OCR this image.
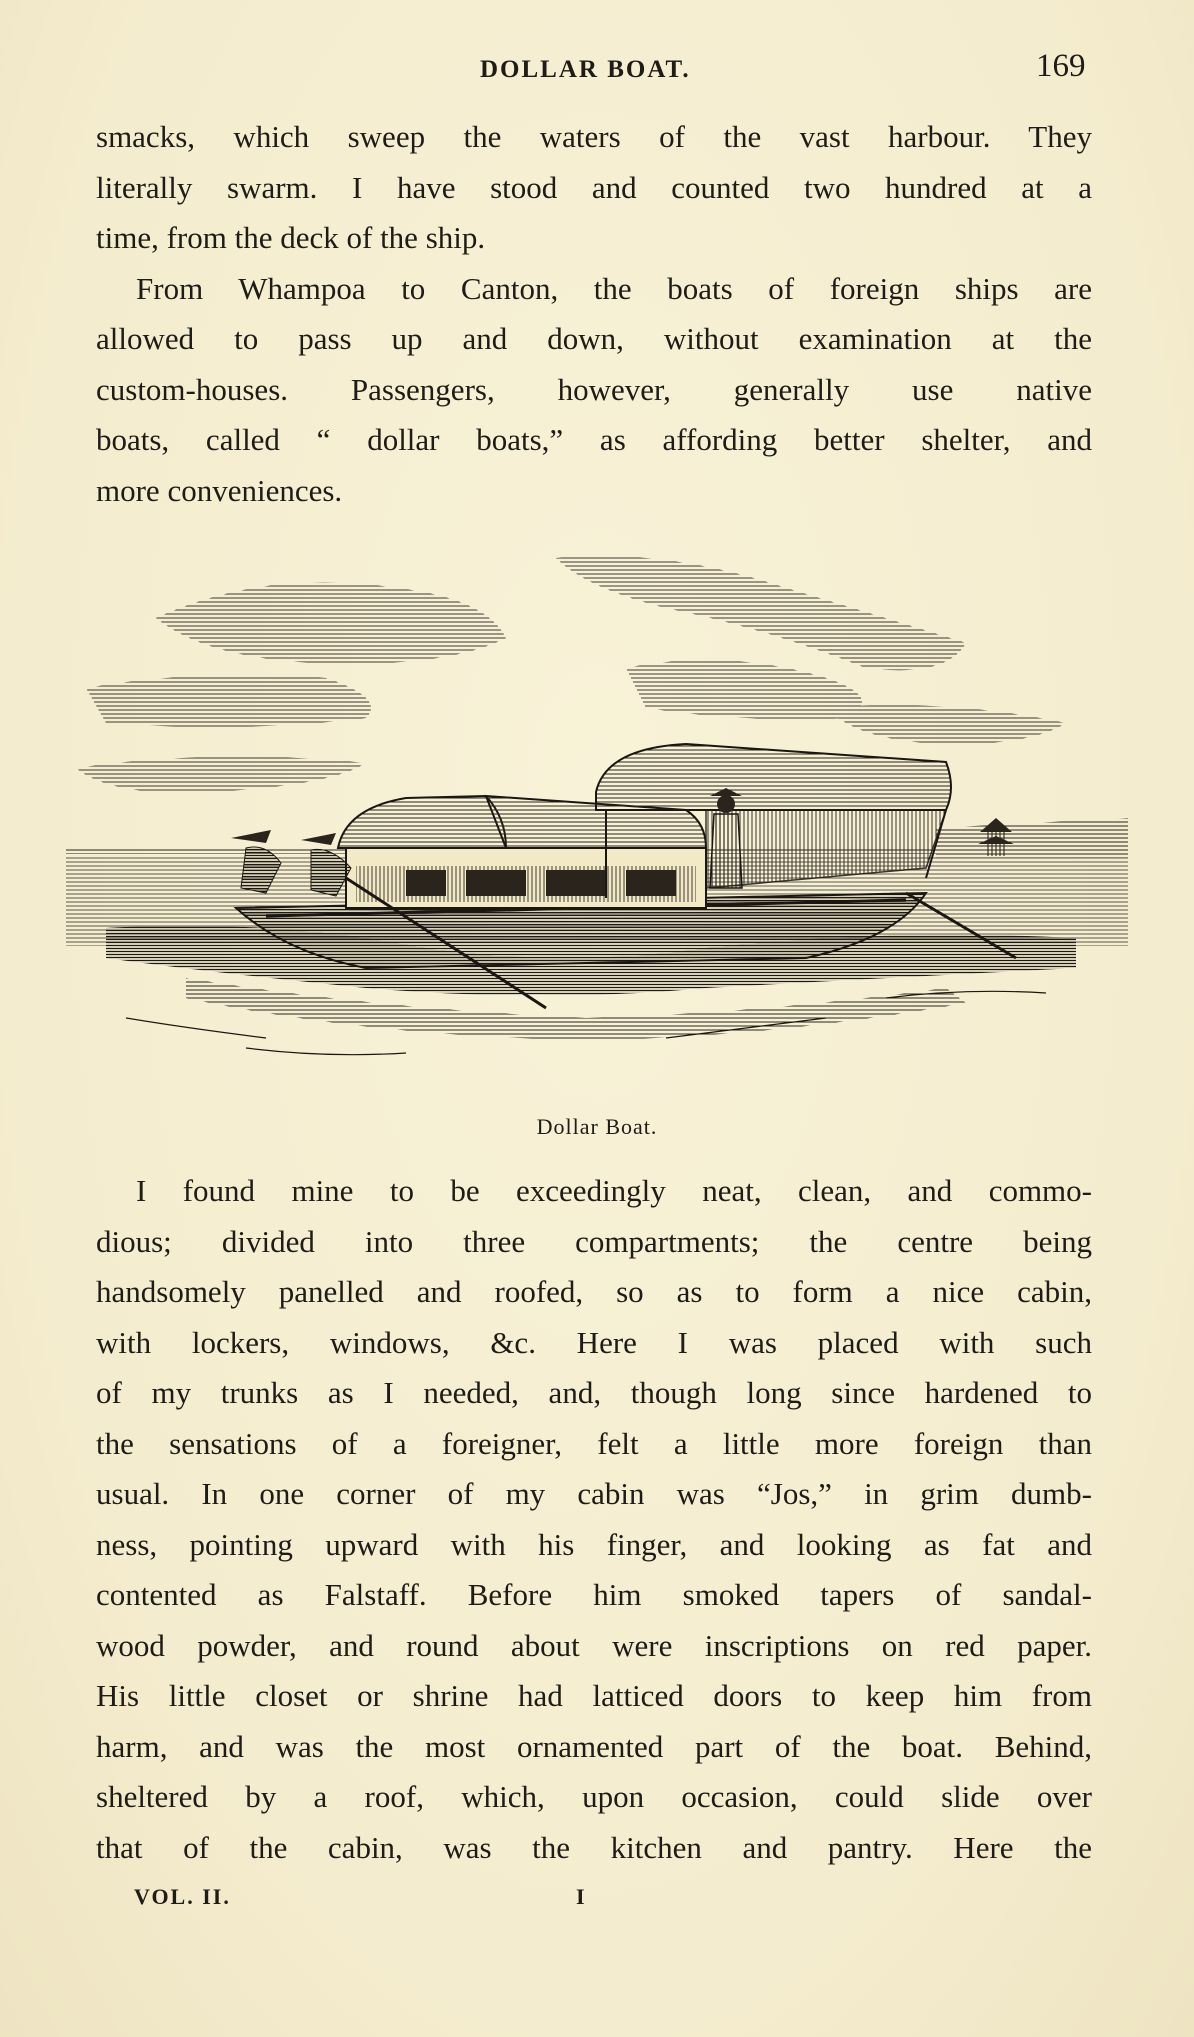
DOLLAR BOAT.	169
smacks, which sweep the waters of the vast harbour. They
literally swarm. I have stood and counted two hundred at a
time, from the deck of the ship.
From Whampoa to Canton, the boats of foreign ships are
allowed to pass up and down, without examination at the
custom-houses. Passengers, however, generally use native
boats, called “ dollar boats,” as affording better shelter, and
more conveniences.
Dollar Boat.
I found mine to be exceedingly neat, clean, and commo-
dious; divided into three compartments; the centre being
handsomely panelled and roofed, so as to form a nice cabin,
with lockers, windows, &c. Here I was placed with such
of my trunks as I needed, and, though long since hardened to
the sensations of a foreigner, felt a little more foreign than
usual. In one corner of my cabin was “Jos,” in grim dumb-
ness, pointing upward with his finger, and looking as fat and
contented as Falstaff. Before him smoked tapers of sandal-
wood powder, and round about were inscriptions on red paper.
His little closet or shrine had latticed doors to keep him from
harm, and was the most ornamented part of the boat. Behind,
sheltered by a roof, which, upon occasion, could slide over
that of the cabin, was the kitchen and pantry. Here the
VOL. II.	I
